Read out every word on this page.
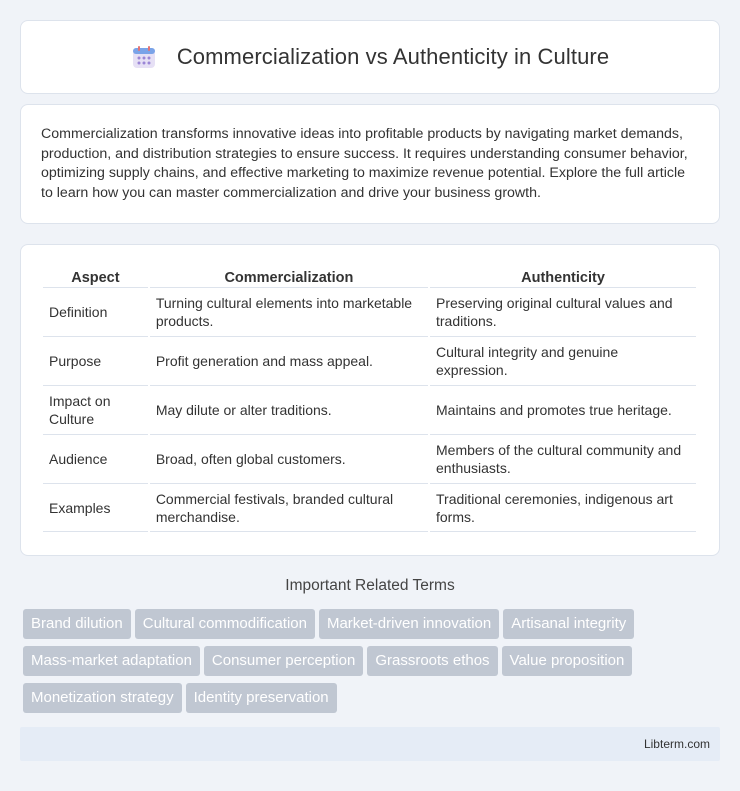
Commercialization vs Authenticity in Culture

Commercialization transforms innovative ideas into profitable products by navigating market demands, production, and distribution strategies to ensure success. It requires understanding consumer behavior, optimizing supply chains, and effective marketing to maximize revenue potential. Explore the full article to learn how you can master commercialization and drive your business growth.

Aspect	Commercialization	Authenticity
Definition	Turning cultural elements into marketable products.	Preserving original cultural values and traditions.
Purpose	Profit generation and mass appeal.	Cultural integrity and genuine expression.
Impact on Culture	May dilute or alter traditions.	Maintains and promotes true heritage.
Audience	Broad, often global customers.	Members of the cultural community and enthusiasts.
Examples	Commercial festivals, branded cultural merchandise.	Traditional ceremonies, indigenous art forms.
Important Related Terms
Brand dilution Cultural commodification Market-driven innovation Artisanal integrityMass-market adaptation Consumer perception Grassroots ethos Value propositionMonetization strategy Identity preservation
Libterm.com
